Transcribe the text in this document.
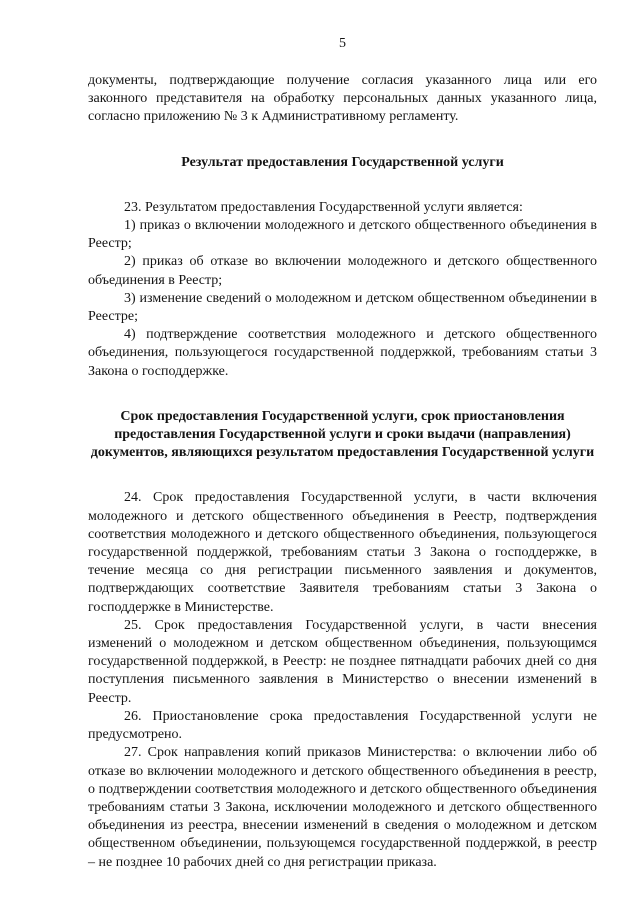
5

документы, подтверждающие получение согласия указанного лица или его законного представителя на обработку персональных данных указанного лица, согласно приложению № 3 к Административному регламенту.

Результат предоставления Государственной услуги

23. Результатом предоставления Государственной услуги является:

1) приказ о включении молодежного и детского общественного объединения в Реестр;

2) приказ об отказе во включении молодежного и детского общественного объединения в Реестр;

3) изменение сведений о молодежном и детском общественном объединении в Реестре;

4) подтверждение соответствия молодежного и детского общественного объединения, пользующегося государственной поддержкой, требованиям статьи 3 Закона о господдержке.

Срок предоставления Государственной услуги, срок приостановления предоставления Государственной услуги и сроки выдачи (направления) документов, являющихся результатом предоставления Государственной услуги

24. Срок предоставления Государственной услуги, в части включения молодежного и детского общественного объединения в Реестр, подтверждения соответствия молодежного и детского общественного объединения, пользующегося государственной поддержкой, требованиям статьи 3 Закона о господдержке, в течение месяца со дня регистрации письменного заявления и документов, подтверждающих соответствие Заявителя требованиям статьи 3 Закона о господдержке в Министерстве.

25. Срок предоставления Государственной услуги, в части внесения изменений о молодежном и детском общественном объединения, пользующимся государственной поддержкой, в Реестр: не позднее пятнадцати рабочих дней со дня поступления письменного заявления в Министерство о внесении изменений в Реестр.

26. Приостановление срока предоставления Государственной услуги не предусмотрено.

27. Срок направления копий приказов Министерства: о включении либо об отказе во включении молодежного и детского общественного объединения в реестр, о подтверждении соответствия молодежного и детского общественного объединения требованиям статьи 3 Закона, исключении молодежного и детского общественного объединения из реестра, внесении изменений в сведения о молодежном и детском общественном объединении, пользующемся государственной поддержкой, в реестр – не позднее 10 рабочих дней со дня регистрации приказа.
